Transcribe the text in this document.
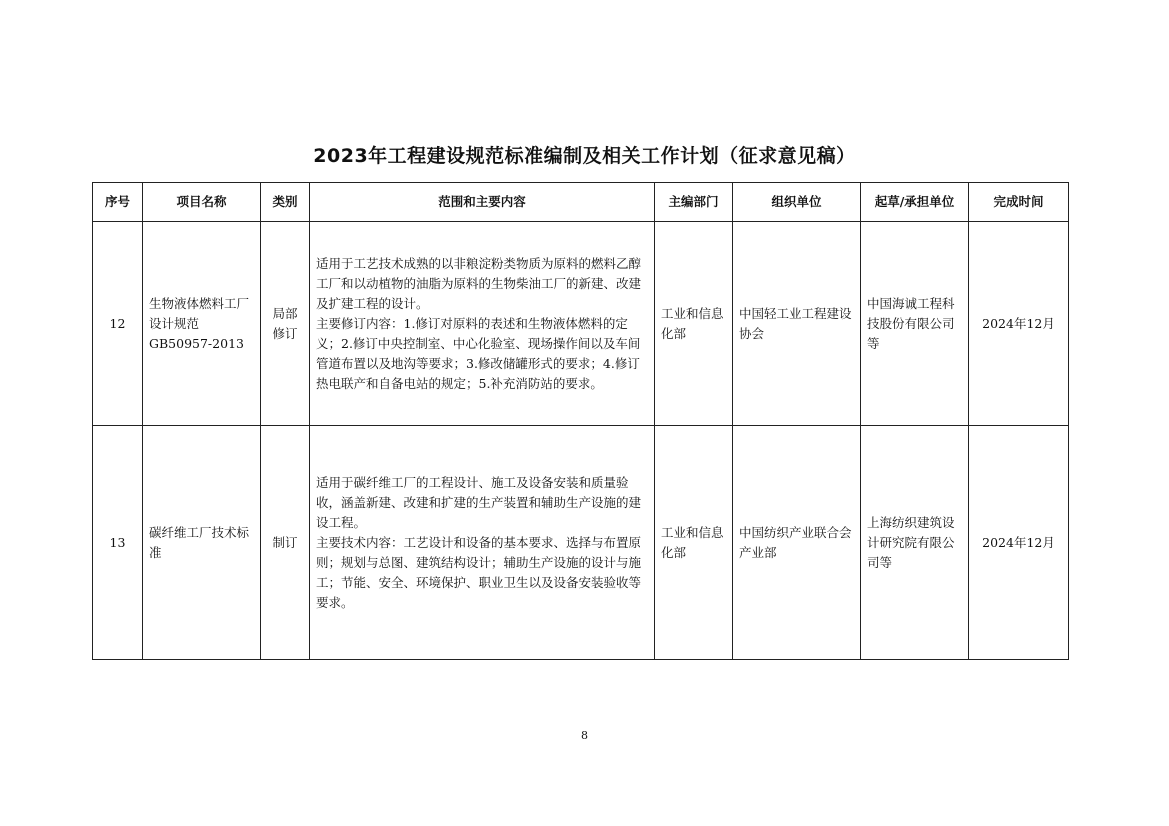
2023年工程建设规范标准编制及相关工作计划（征求意见稿）
序号	项目名称	类别	范围和主要内容	主编部门	组织单位	起草/承担单位	完成时间
12	生物液体燃料工厂设计规范GB50957-2013	局部修订	适用于工艺技术成熟的以非粮淀粉类物质为原料的燃料乙醇工厂和以动植物的油脂为原料的生物柴油工厂的新建、改建及扩建工程的设计。
主要修订内容：1.修订对原料的表述和生物液体燃料的定义；2.修订中央控制室、中心化验室、现场操作间以及车间管道布置以及地沟等要求；3.修改储罐形式的要求；4.修订热电联产和自备电站的规定；5.补充消防站的要求。	工业和信息化部	中国轻工业工程建设协会	中国海诚工程科技股份有限公司等	2024年12月
13	碳纤维工厂技术标准	制订	适用于碳纤维工厂的工程设计、施工及设备安装和质量验收，涵盖新建、改建和扩建的生产装置和辅助生产设施的建设工程。
主要技术内容：工艺设计和设备的基本要求、选择与布置原则；规划与总图、建筑结构设计；辅助生产设施的设计与施工；节能、安全、环境保护、职业卫生以及设备安装验收等要求。	工业和信息化部	中国纺织产业联合会产业部	上海纺织建筑设计研究院有限公司等	2024年12月
8
